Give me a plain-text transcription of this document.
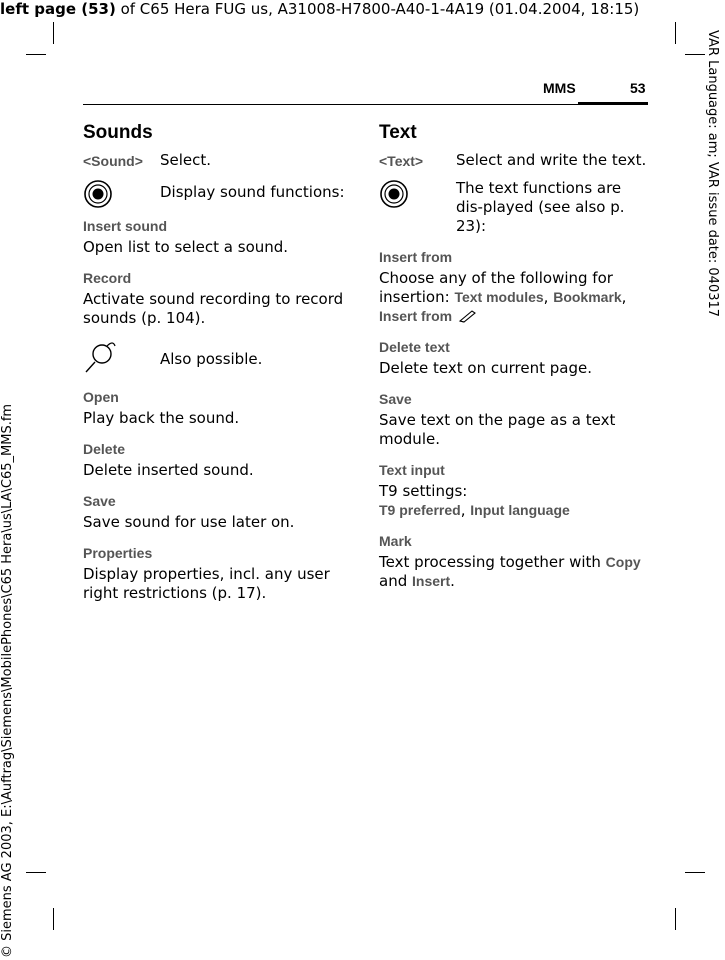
left page (53) of C65 Hera FUG us, A31008-H7800-A40-1-4A19 (01.04.2004, 18:15)
VAR Language: am; VAR issue date: 040317
© Siemens AG 2003, E:\Auftrag\Siemens\MobilePhones\C65 Hera\us\LA\C65_MMS.fm
MMS	53
Sounds
<Sound>	Select.
Display sound functions:
Insert sound

Open list to select a sound.

Record

Activate sound recording to record sounds (p. 104).

Also possible.
Open

Play back the sound.

Delete

Delete inserted sound.

Save

Save sound for use later on.

Properties

Display properties, incl. any user right restrictions (p. 17).

Text
<Text>	Select and write the text.
The text functions are dis-played (see also p. 23):
Insert from

Choose any of the following for insertion: Text modules, Bookmark,
Insert from

Delete text

Delete text on current page.

Save

Save text on the page as a text module.

Text input

T9 settings:
T9 preferred, Input language

Mark

Text processing together with Copy and Insert.
